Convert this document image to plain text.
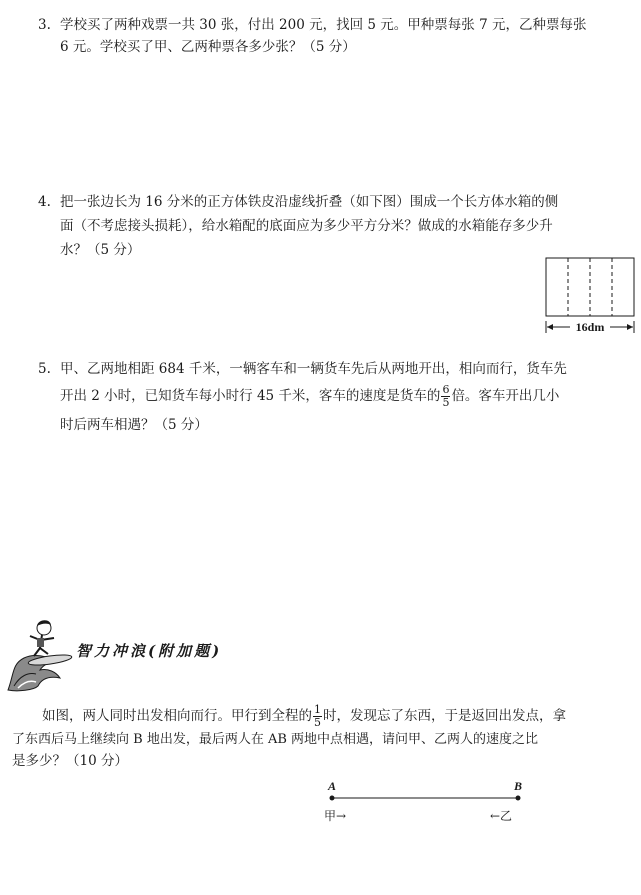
3. 学校买了两种戏票一共 30 张，付出 200 元，找回 5 元。甲种票每张 7 元，乙种票每张
6 元。学校买了甲、乙两种票各多少张？（5 分）
4. 把一张边长为 16 分米的正方体铁皮沿虚线折叠（如下图）围成一个长方体水箱的侧
面（不考虑接头损耗），给水箱配的底面应为多少平方分米？做成的水箱能存多少升
水？（5 分）
16dm
5. 甲、乙两地相距 684 千米，一辆客车和一辆货车先后从两地开出，相向而行，货车先
开出 2 小时，已知货车每小时行 45 千米，客车的速度是货车的 $\frac{6}{5}$ 倍。客车开出几小
时后两车相遇？（5 分）
智力冲浪(附加题)
如图，两人同时出发相向而行。甲行到全程的 $\frac{1}{5}$ 时，发现忘了东西，于是返回出发点，拿
了东西后马上继续向 B 地出发，最后两人在 AB 两地中点相遇，请问甲、乙两人的速度之比
是多少？（10 分）
A	B
甲→	←乙
